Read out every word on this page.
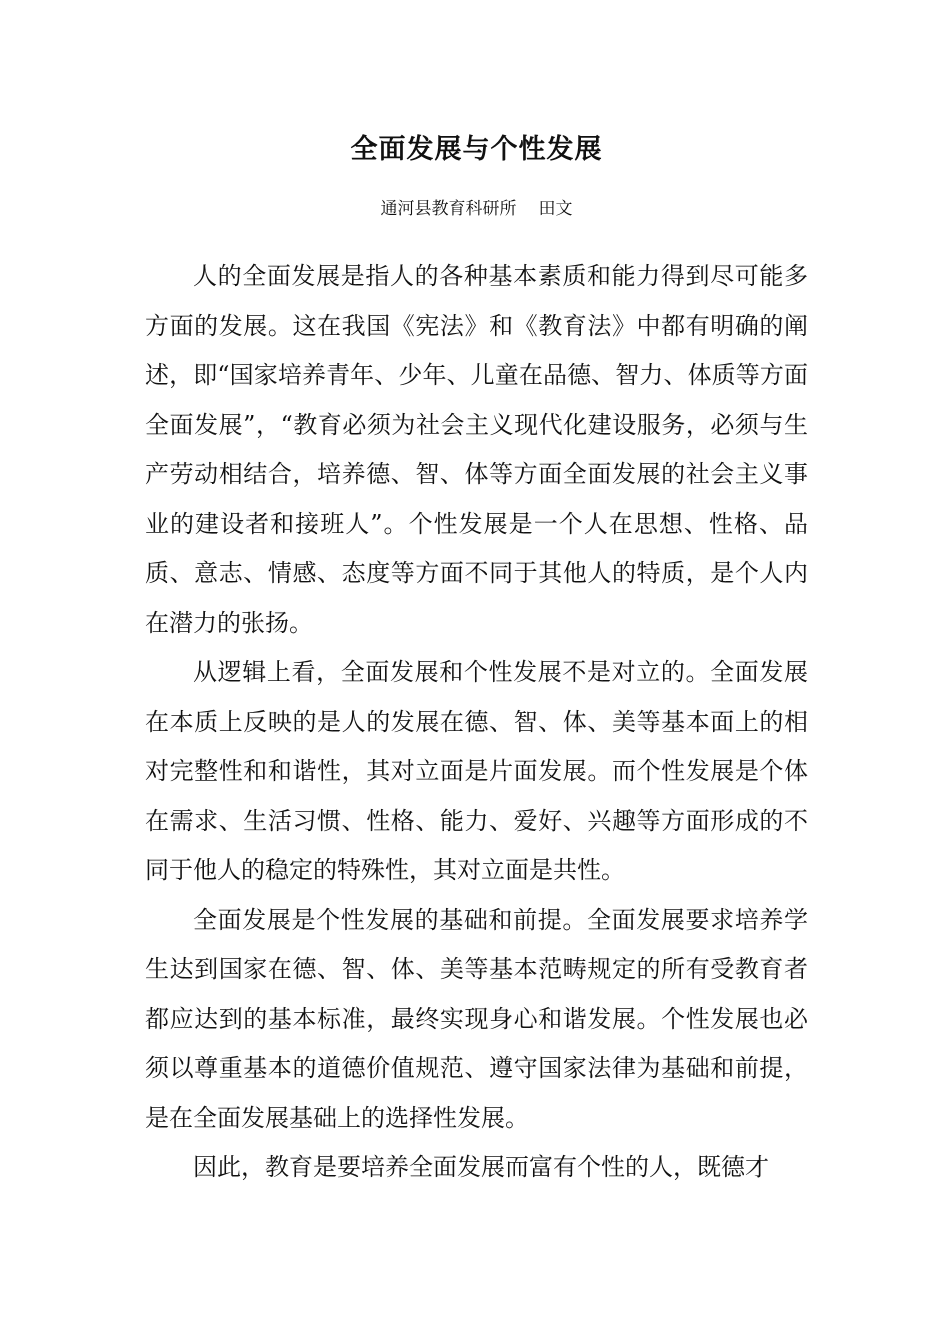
全面发展与个性发展
通河县教育科研所 田文

人的全面发展是指人的各种基本素质和能力得到尽可能多方面的发展。这在我国《宪法》和《教育法》中都有明确的阐述，即“国家培养青年、少年、儿童在品德、智力、体质等方面全面发展”，“教育必须为社会主义现代化建设服务，必须与生产劳动相结合，培养德、智、体等方面全面发展的社会主义事业的建设者和接班人”。个性发展是一个人在思想、性格、品质、意志、情感、态度等方面不同于其他人的特质，是个人内在潜力的张扬。

从逻辑上看，全面发展和个性发展不是对立的。全面发展在本质上反映的是人的发展在德、智、体、美等基本面上的相对完整性和和谐性，其对立面是片面发展。而个性发展是个体在需求、生活习惯、性格、能力、爱好、兴趣等方面形成的不同于他人的稳定的特殊性，其对立面是共性。

全面发展是个性发展的基础和前提。全面发展要求培养学生达到国家在德、智、体、美等基本范畴规定的所有受教育者都应达到的基本标准，最终实现身心和谐发展。个性发展也必须以尊重基本的道德价值规范、遵守国家法律为基础和前提，是在全面发展基础上的选择性发展。

因此，教育是要培养全面发展而富有个性的人，既德才
